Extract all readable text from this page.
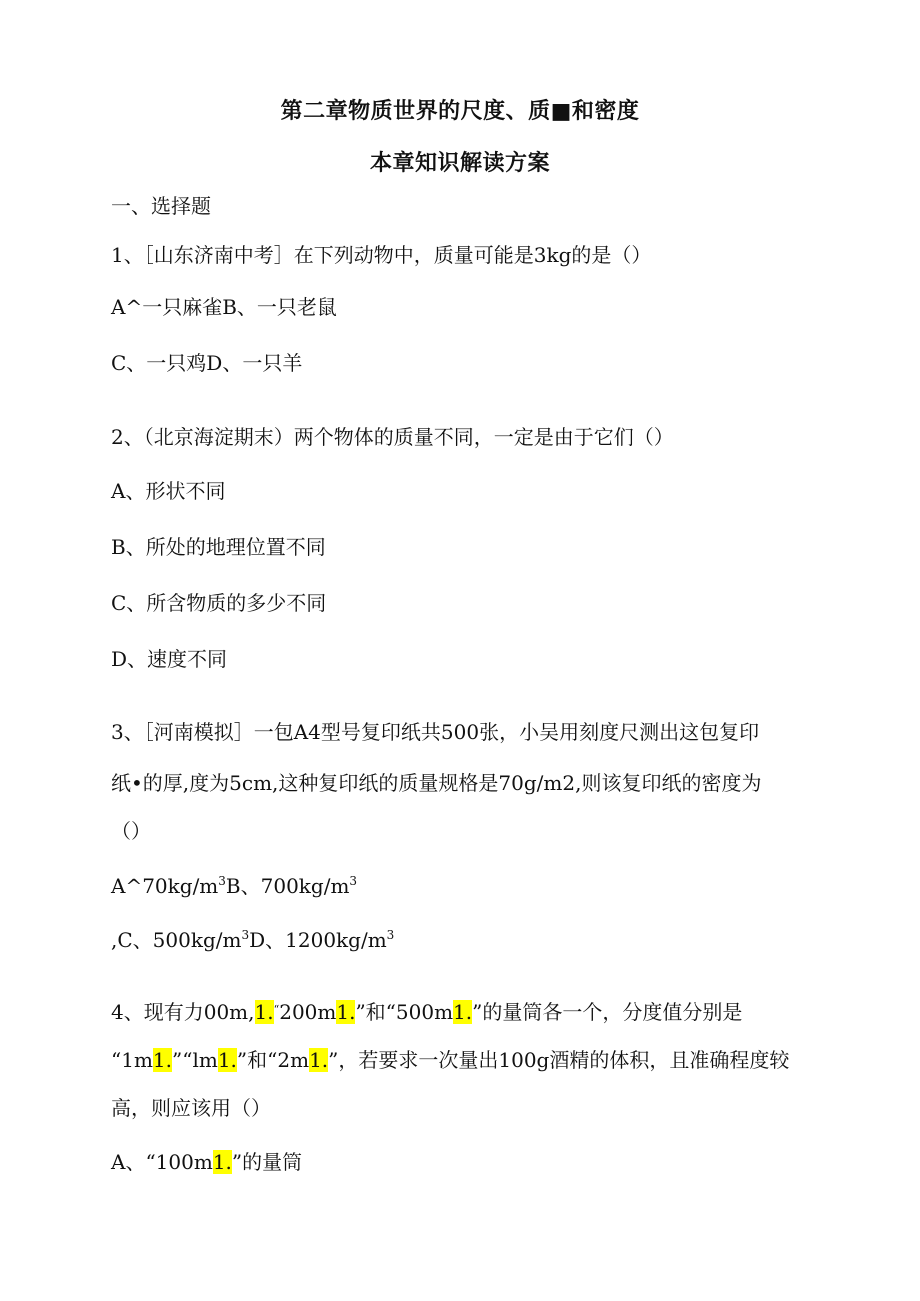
第二章物质世界的尺度、质■和密度
本章知识解读方案
一、选择题
1、［山东济南中考］在下列动物中，质量可能是3kg的是（）
A^一只麻雀B、一只老鼠
C、一只鸡D、一只羊
2、（北京海淀期末）两个物体的质量不同，一定是由于它们（）
A、形状不同
B、所处的地理位置不同
C、所含物质的多少不同
D、速度不同
3、［河南模拟］一包A4型号复印纸共500张，小吴用刻度尺测出这包复印
纸•的厚,度为5cm,这种复印纸的质量规格是70g∕m2,则该复印纸的密度为
（）
$A\^{}70kg∕m^3B$、$700kg∕m^3$
,C、$500kg∕m^3D$、$1200kg∕m^3$
4、现有力00m,1.“200m1.”和“500m1.”的量筒各一个，分度值分别是
“1m1.”“lm1.”和“2m1.”，若要求一次量出100g酒精的体积，且准确程度较
高，则应该用（）
A、“100m1.”的量筒
